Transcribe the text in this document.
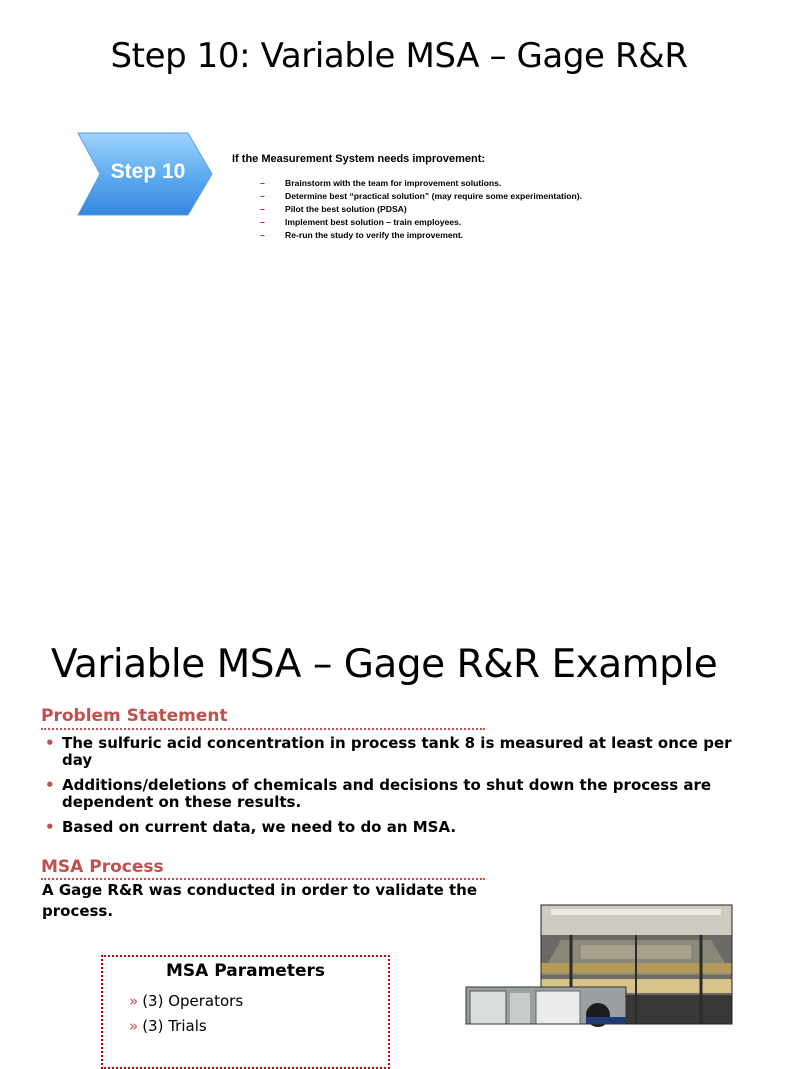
Step 10: Variable MSA – Gage R&R
Step 10
If the Measurement System needs improvement:
– Brainstorm with the team for improvement solutions.
– Determine best “practical solution” (may require some experimentation).
– Pilot the best solution (PDSA)
– Implement best solution – train employees.
– Re-run the study to verify the improvement.
Variable MSA – Gage R&R Example
Problem Statement
• The sulfuric acid concentration in process tank 8 is measured at least once per day
• Additions/deletions of chemicals and decisions to shut down the process are dependent on these results.
• Based on current data, we need to do an MSA.
MSA Process
A Gage R&R was conducted in order to validate the process.
MSA Parameters
» (3) Operators
» (3) Trials
